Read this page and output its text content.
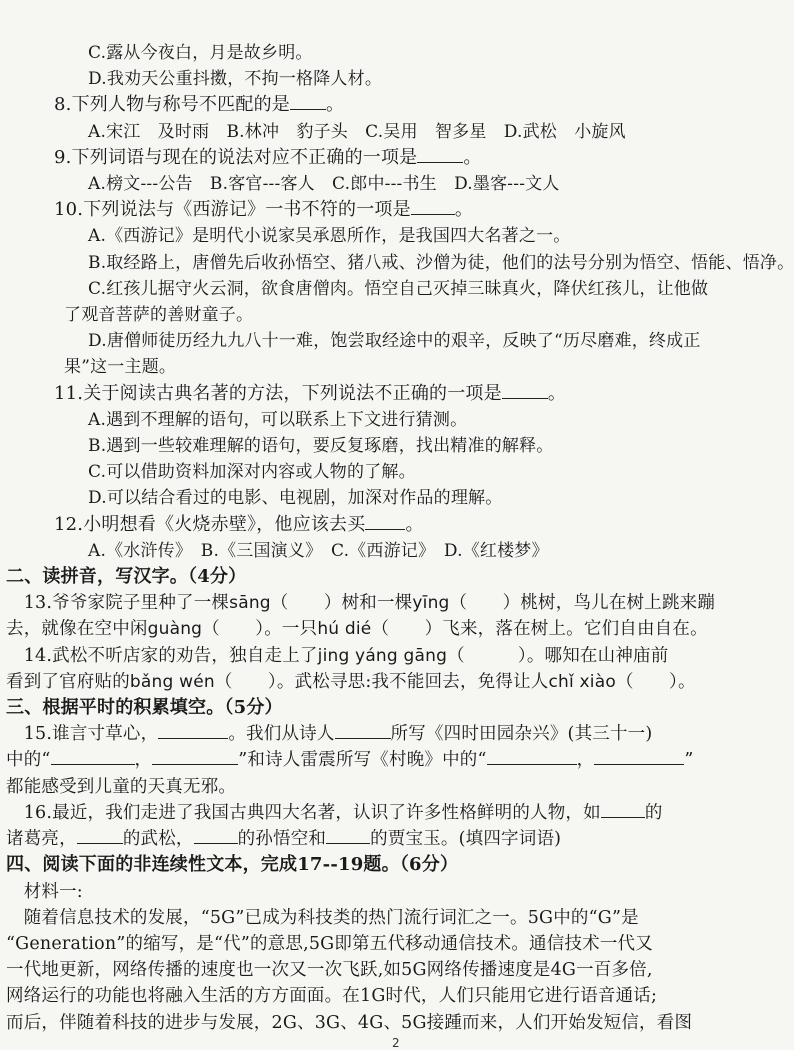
C.露从今夜白，月是故乡明。
D.我劝天公重抖擞，不拘一格降人材。
8.下列人物与称号不匹配的是 。
A.宋江　及时雨　B.林冲　豹子头　C.吴用　智多星　D.武松　小旋风
9.下列词语与现在的说法对应不正确的一项是	。
A.榜文---公告　B.客官---客人　C.郎中---书生　D.墨客---文人
10.下列说法与《西游记》一书不符的一项是 。
A.《西游记》是明代小说家吴承恩所作，是我国四大名著之一。
B.取经路上，唐僧先后收孙悟空、猪八戒、沙僧为徒，他们的法号分别为悟空、悟能、悟净。
C.红孩儿据守火云洞，欲食唐僧肉。悟空自己灭掉三昧真火，降伏红孩儿，让他做
了观音菩萨的善财童子。
D.唐僧师徒历经九九八十一难，饱尝取经途中的艰辛，反映了“历尽磨难，终成正
果”这一主题。
11.关于阅读古典名著的方法，下列说法不正确的一项是	。
A.遇到不理解的语句，可以联系上下文进行猜测。
B.遇到一些较难理解的语句，要反复琢磨，找出精准的解释。
C.可以借助资料加深对内容或人物的了解。
D.可以结合看过的电影、电视剧，加深对作品的理解。
12.小明想看《火烧赤壁》，他应该去买 。
A.《水浒传》　B.《三国演义》　C.《西游记》　D.《红楼梦》
二、读拼音，写汉字。（4分）
　13.爷爷家院子里种了一棵sāng（　　）树和一棵yīng（　　）桃树，鸟儿在树上跳来蹦
去，就像在空中闲guàng（　　）。一只hú dié（　　）飞来，落在树上。它们自由自在。
　14.武松不听店家的劝告，独自走上了jing yáng gāng（　　　）。哪知在山神庙前
看到了官府贴的bǎng wén（　　）。武松寻思:我不能回去，免得让人chǐ xiào（　　）。
三、根据平时的积累填空。（5分）
　15.谁言寸草心，	。我们从诗人	所写《四时田园杂兴》(其三十一)
中的“	，	”和诗人雷震所写《村晚》中的“	，	”
都能感受到儿童的天真无邪。
　16.最近，我们走进了我国古典四大名著，认识了许多性格鲜明的人物，如	的
诸葛亮，	的武松，	的孙悟空和	的贾宝玉。(填四字词语)
四、阅读下面的非连续性文本，完成17--19题。（6分）
　材料一:
　随着信息技术的发展，“5G”已成为科技类的热门流行词汇之一。5G中的“G”是
“Generation”的缩写，是“代”的意思,5G即第五代移动通信技术。通信技术一代又
一代地更新，网络传播的速度也一次又一次飞跃,如5G网络传播速度是4G一百多倍,
网络运行的功能也将融入生活的方方面面。在1G时代，人们只能用它进行语音通话;
而后，伴随着科技的进步与发展，2G、3G、4G、5G接踵而来，人们开始发短信，看图
2
